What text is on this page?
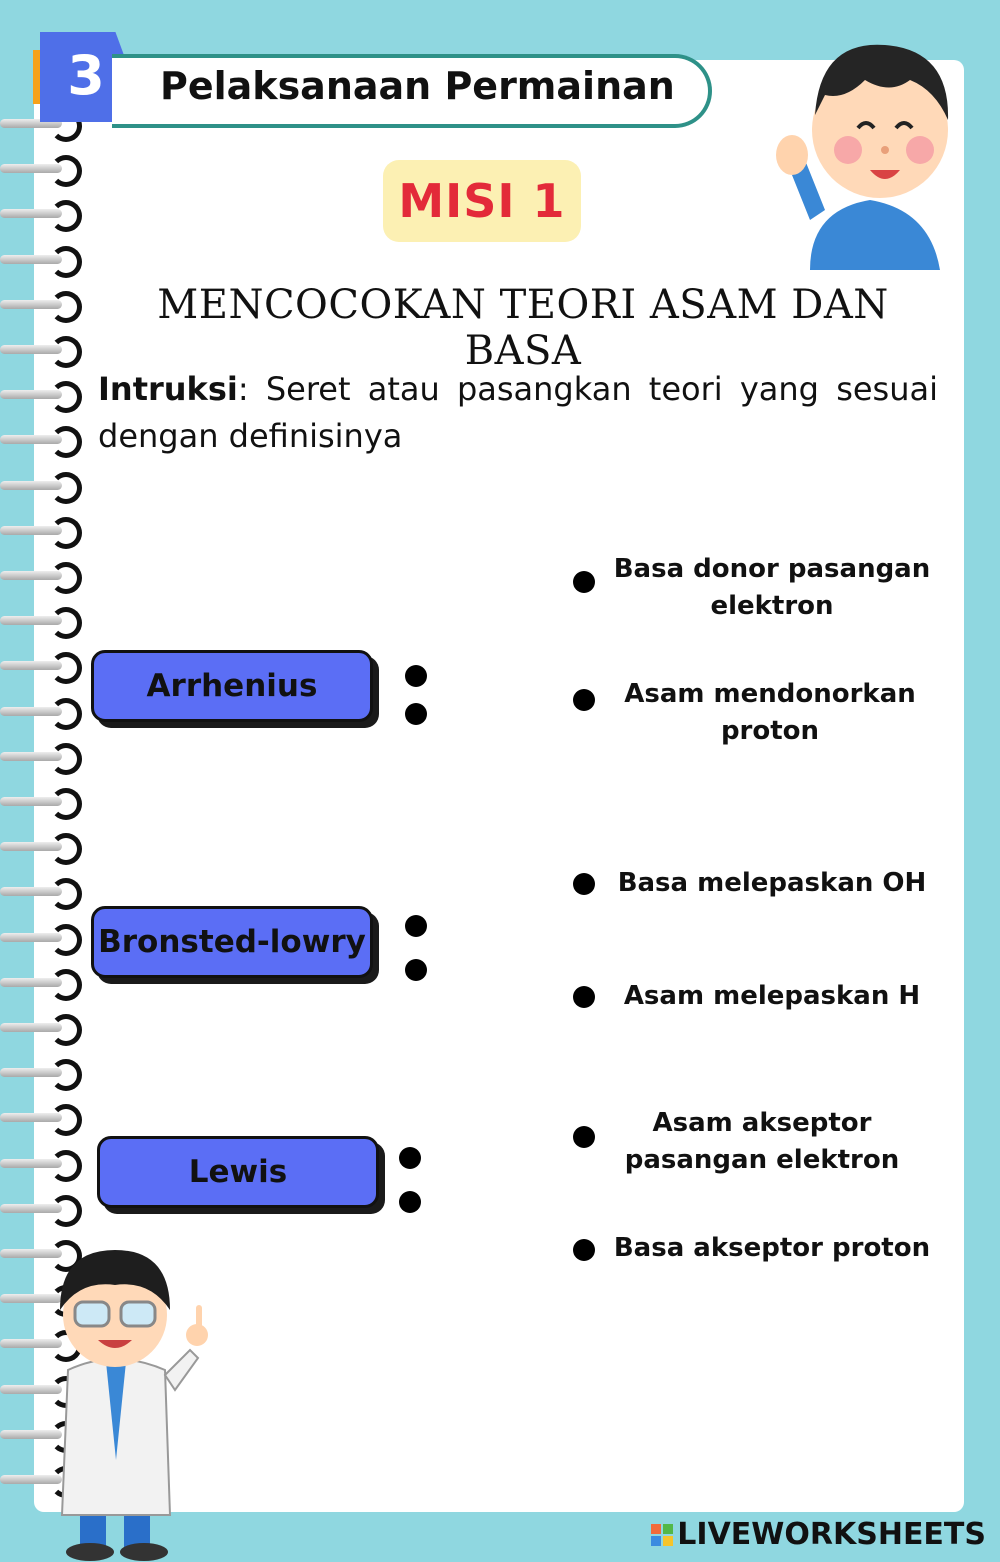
3 Pelaksanaan Permainan
MISI 1
MENCOCOKAN TEORI ASAM DAN BASA
Intruksi: Seret atau pasangkan teori yang sesuai dengan definisinya
Arrhenius
Bronsted-lowry
Lewis
Basa donor pasangan elektron
Asam mendonorkan proton
Basa melepaskan OH
Asam melepaskan H
Asam akseptor pasangan elektron
Basa akseptor proton
LIVEWORKSHEETS
